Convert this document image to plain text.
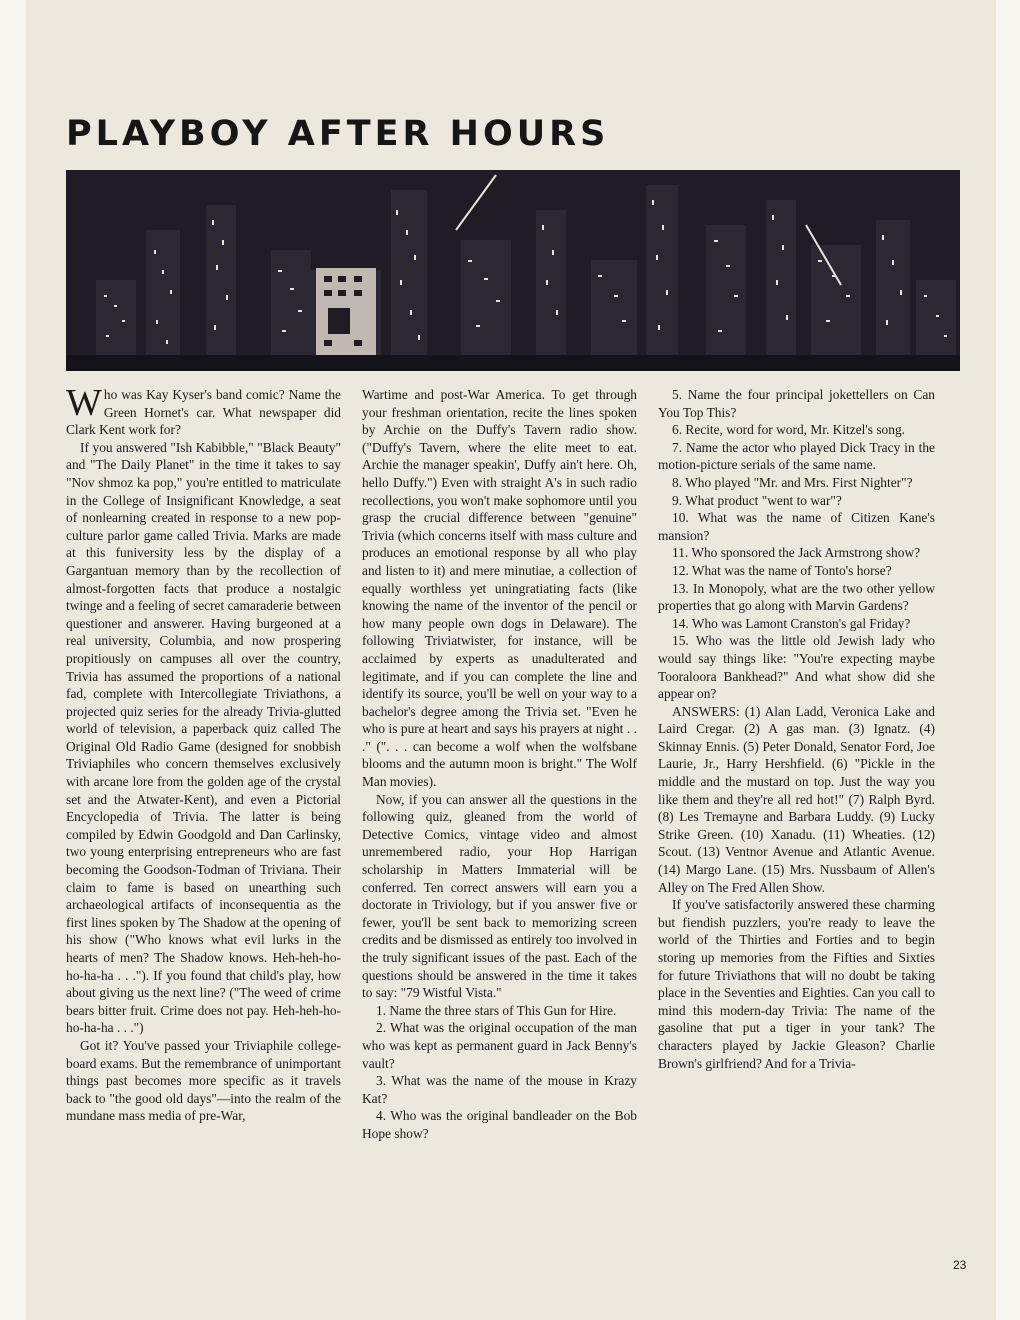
PLAYBOY AFTER HOURS

Who was Kay Kyser's band comic? Name the Green Hornet's car. What newspaper did Clark Kent work for?

If you answered "Ish Kabibble," "Black Beauty" and "The Daily Planet" in the time it takes to say "Nov shmoz ka pop," you're entitled to matriculate in the College of Insignificant Knowledge, a seat of nonlearning created in response to a new pop-culture parlor game called Trivia. Marks are made at this funiversity less by the display of a Gargantuan memory than by the recollection of almost-forgotten facts that produce a nostalgic twinge and a feeling of secret camaraderie between questioner and answerer. Having burgeoned at a real university, Columbia, and now prospering propitiously on campuses all over the country, Trivia has assumed the proportions of a national fad, complete with Intercollegiate Triviathons, a projected quiz series for the already Trivia-glutted world of television, a paperback quiz called The Original Old Radio Game (designed for snobbish Triviaphiles who concern themselves exclusively with arcane lore from the golden age of the crystal set and the Atwater-Kent), and even a Pictorial Encyclopedia of Trivia. The latter is being compiled by Edwin Goodgold and Dan Carlinsky, two young enterprising entrepreneurs who are fast becoming the Goodson-Todman of Triviana. Their claim to fame is based on unearthing such archaeological artifacts of inconsequentia as the first lines spoken by The Shadow at the opening of his show ("Who knows what evil lurks in the hearts of men? The Shadow knows. Heh-heh-ho-ho-ha-ha . . ."). If you found that child's play, how about giving us the next line? ("The weed of crime bears bitter fruit. Crime does not pay. Heh-heh-ho-ho-ha-ha . . .")

Got it? You've passed your Triviaphile college-board exams. But the remembrance of unimportant things past becomes more specific as it travels back to "the good old days"—into the realm of the mundane mass media of pre-War,

Wartime and post-War America. To get through your freshman orientation, recite the lines spoken by Archie on the Duffy's Tavern radio show. ("Duffy's Tavern, where the elite meet to eat. Archie the manager speakin', Duffy ain't here. Oh, hello Duffy.") Even with straight A's in such radio recollections, you won't make sophomore until you grasp the crucial difference between "genuine" Trivia (which concerns itself with mass culture and produces an emotional response by all who play and listen to it) and mere minutiae, a collection of equally worthless yet uningratiating facts (like knowing the name of the inventor of the pencil or how many people own dogs in Delaware). The following Triviatwister, for instance, will be acclaimed by experts as unadulterated and legitimate, and if you can complete the line and identify its source, you'll be well on your way to a bachelor's degree among the Trivia set. "Even he who is pure at heart and says his prayers at night . . ." (". . . can become a wolf when the wolfsbane blooms and the autumn moon is bright." The Wolf Man movies).

Now, if you can answer all the questions in the following quiz, gleaned from the world of Detective Comics, vintage video and almost unremembered radio, your Hop Harrigan scholarship in Matters Immaterial will be conferred. Ten correct answers will earn you a doctorate in Triviology, but if you answer five or fewer, you'll be sent back to memorizing screen credits and be dismissed as entirely too involved in the truly significant issues of the past. Each of the questions should be answered in the time it takes to say: "79 Wistful Vista."

1. Name the three stars of This Gun for Hire.

2. What was the original occupation of the man who was kept as permanent guard in Jack Benny's vault?

3. What was the name of the mouse in Krazy Kat?

4. Who was the original bandleader on the Bob Hope show?

5. Name the four principal jokettellers on Can You Top This?

6. Recite, word for word, Mr. Kitzel's song.

7. Name the actor who played Dick Tracy in the motion-picture serials of the same name.

8. Who played "Mr. and Mrs. First Nighter"?

9. What product "went to war"?

10. What was the name of Citizen Kane's mansion?

11. Who sponsored the Jack Armstrong show?

12. What was the name of Tonto's horse?

13. In Monopoly, what are the two other yellow properties that go along with Marvin Gardens?

14. Who was Lamont Cranston's gal Friday?

15. Who was the little old Jewish lady who would say things like: "You're expecting maybe Tooraloora Bankhead?" And what show did she appear on?

ANSWERS: (1) Alan Ladd, Veronica Lake and Laird Cregar. (2) A gas man. (3) Ignatz. (4) Skinnay Ennis. (5) Peter Donald, Senator Ford, Joe Laurie, Jr., Harry Hershfield. (6) "Pickle in the middle and the mustard on top. Just the way you like them and they're all red hot!" (7) Ralph Byrd. (8) Les Tremayne and Barbara Luddy. (9) Lucky Strike Green. (10) Xanadu. (11) Wheaties. (12) Scout. (13) Ventnor Avenue and Atlantic Avenue. (14) Margo Lane. (15) Mrs. Nussbaum of Allen's Alley on The Fred Allen Show.

If you've satisfactorily answered these charming but fiendish puzzlers, you're ready to leave the world of the Thirties and Forties and to begin storing up memories from the Fifties and Sixties for future Triviathons that will no doubt be taking place in the Seventies and Eighties. Can you call to mind this modern-day Trivia: The name of the gasoline that put a tiger in your tank? The characters played by Jackie Gleason? Charlie Brown's girlfriend? And for a Trivia-

23
